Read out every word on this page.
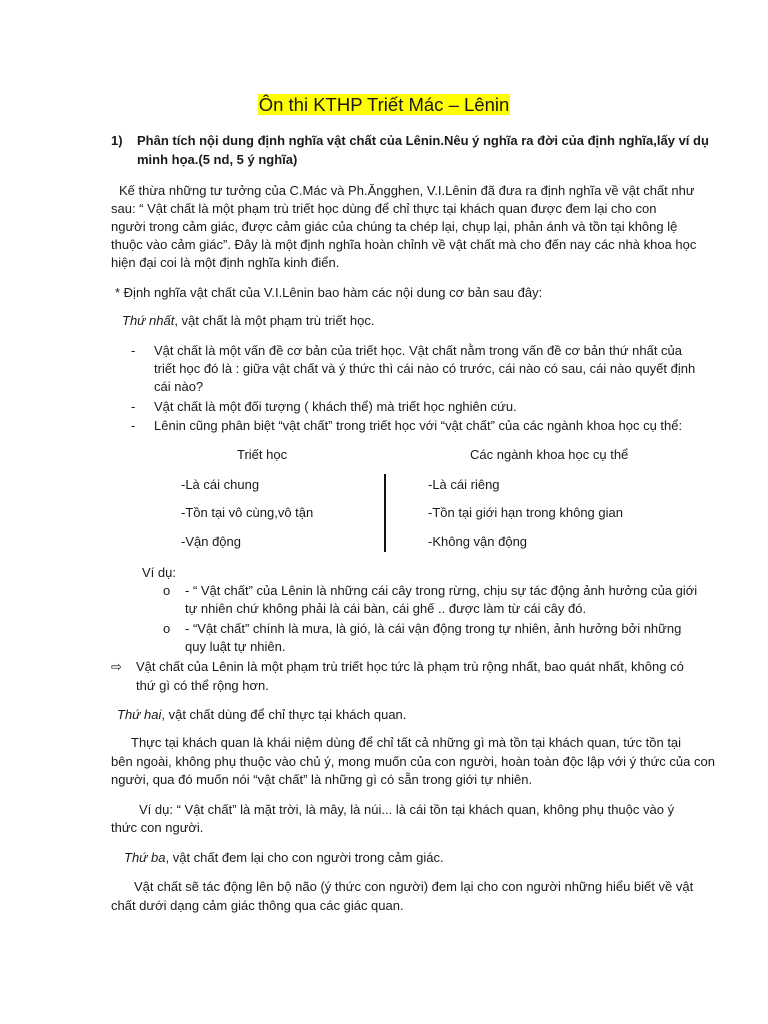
Ôn thi KTHP Triết Mác – Lênin
1) Phân tích nội dung định nghĩa vật chất của Lênin.Nêu ý nghĩa ra đời của định nghĩa,lấy ví dụ
minh họa.(5 nd, 5 ý nghĩa)
Kế thừa những tư tưởng của C.Mác và Ph.Ăngghen, V.I.Lênin đã đưa ra định nghĩa về vật chất như
sau: “ Vật chất là một phạm trù triết học dùng để chỉ thực tại khách quan được đem lại cho con
người trong cảm giác, được cảm giác của chúng ta chép lại, chụp lại, phản ánh và tồn tại không lệ
thuộc vào cảm giác”. Đây là một định nghĩa hoàn chỉnh về vật chất mà cho đến nay các nhà khoa học
hiện đại coi là một định nghĩa kinh điển.
* Định nghĩa vật chất của V.I.Lênin bao hàm các nội dung cơ bản sau đây:
Thứ nhất, vật chất là một phạm trù triết học.
- Vật chất là một vấn đề cơ bản của triết học. Vật chất nằm trong vấn đề cơ bản thứ nhất của
triết học đó là : giữa vật chất và ý thức thì cái nào có trước, cái nào có sau, cái nào quyết định
cái nào?
- Vật chất là một đối tượng ( khách thể) mà triết học nghiên cứu.
- Lênin cũng phân biệt “vật chất” trong triết học với “vật chất” của các ngành khoa học cụ thể:
Triết học	Các ngành khoa học cụ thể
-Là cái chung
-Tồn tại vô cùng,vô tận
-Vận động
-Là cái riêng
-Tồn tại giới hạn trong không gian
-Không vận động
Ví dụ:
o - “ Vật chất” của Lênin là những cái cây trong rừng, chịu sự tác động ảnh hưởng của giới
tự nhiên chứ không phải là cái bàn, cái ghế .. được làm từ cái cây đó.
o - “Vật chất” chính là mưa, là gió, là cái vận động trong tự nhiên, ảnh hưởng bởi những
quy luật tự nhiên.
⇨ Vật chất của Lênin là một phạm trù triết học tức là phạm trù rộng nhất, bao quát nhất, không có
thứ gì có thể rộng hơn.
Thứ hai, vật chất dùng để chỉ thực tại khách quan.
Thực tại khách quan là khái niệm dùng để chỉ tất cả những gì mà tồn tại khách quan, tức tồn tại
bên ngoài, không phụ thuộc vào chủ ý, mong muốn của con người, hoàn toàn độc lập với ý thức của con
người, qua đó muốn nói “vật chất” là những gì có sẵn trong giới tự nhiên.
Ví dụ: “ Vật chất” là mặt trời, là mây, là núi... là cái tồn tại khách quan, không phụ thuộc vào ý
thức con người.
Thứ ba, vật chất đem lại cho con người trong cảm giác.
Vật chất sẽ tác động lên bộ não (ý thức con người) đem lại cho con người những hiểu biết về vật
chất dưới dạng cảm giác thông qua các giác quan.
